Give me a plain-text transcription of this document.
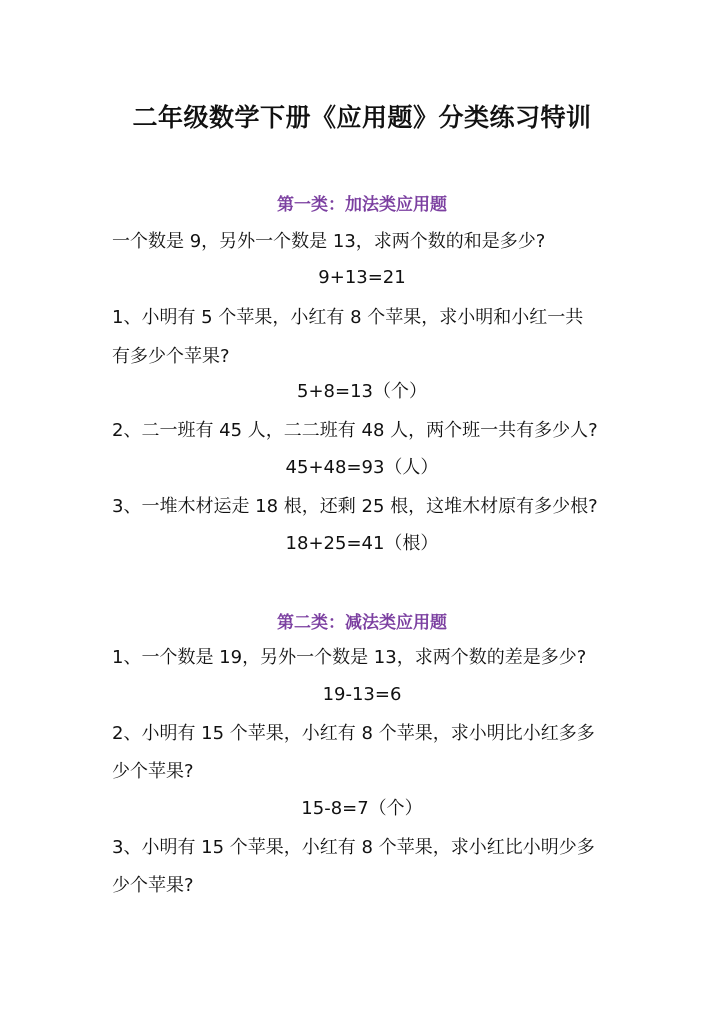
二年级数学下册《应用题》分类练习特训
第一类：加法类应用题
一个数是 9，另外一个数是 13，求两个数的和是多少?
9+13=21
1、小明有 5 个苹果，小红有 8 个苹果，求小明和小红一共
有多少个苹果?
5+8=13（个）
2、二一班有 45 人，二二班有 48 人，两个班一共有多少人?
45+48=93（人）
3、一堆木材运走 18 根，还剩 25 根，这堆木材原有多少根?
18+25=41（根）
第二类：减法类应用题
1、一个数是 19，另外一个数是 13，求两个数的差是多少?
19-13=6
2、小明有 15 个苹果，小红有 8 个苹果，求小明比小红多多
少个苹果?
15-8=7（个）
3、小明有 15 个苹果，小红有 8 个苹果，求小红比小明少多
少个苹果?
